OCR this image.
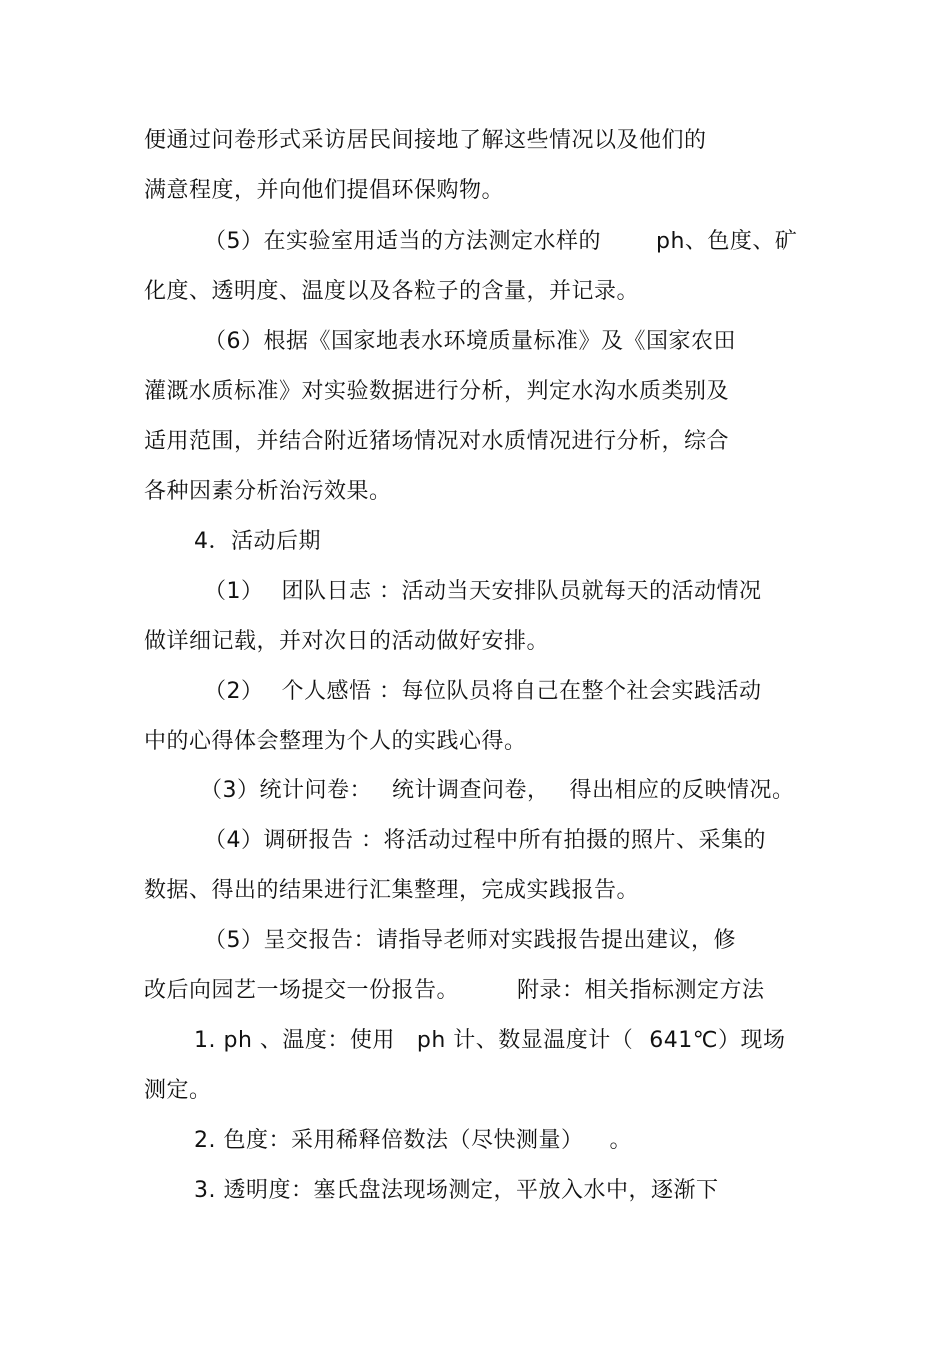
便通过问卷形式采访居民间接地了解这些情况以及他们的
满意程度，并向他们提倡环保购物。
（5）在实验室用适当的方法测定水样的	ph、色度、矿
化度、透明度、温度以及各粒子的含量，并记录。
（6）根据《国家地表水环境质量标准》及《国家农田
灌溉水质标准》对实验数据进行分析，判定水沟水质类别及
适用范围，并结合附近猪场情况对水质情况进行分析，综合
各种因素分析治污效果。
4．活动后期
（1） 团队日志 ：活动当天安排队员就每天的活动情况
做详细记载，并对次日的活动做好安排。
（2） 个人感悟 ：每位队员将自己在整个社会实践活动
中的心得体会整理为个人的实践心得。
（3）统计问卷： 统计调查问卷， 得出相应的反映情况。
（4）调研报告 ：将活动过程中所有拍摄的照片、采集的
数据、得出的结果进行汇集整理，完成实践报告。
（5）呈交报告：请指导老师对实践报告提出建议，修
改后向园艺一场提交一份报告。	附录：相关指标测定方法
1. ph 、温度：使用 ph 计、数显温度计（ 641℃）现场
测定。
2. 色度：采用稀释倍数法（尽快测量） 。
3. 透明度：塞氏盘法现场测定，平放入水中，逐渐下
